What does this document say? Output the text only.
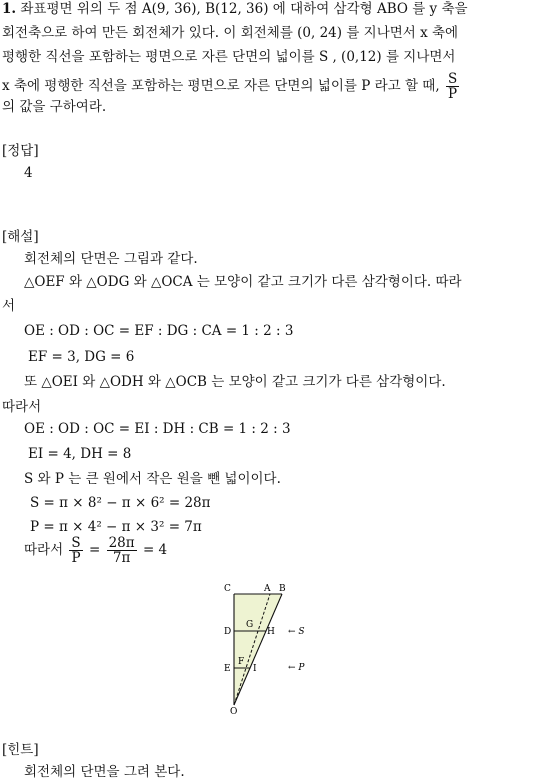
1. 좌표평면 위의 두 점 A(9, 36), B(12, 36) 에 대하여 삼각형 ABO 를 y 축을
회전축으로 하여 만든 회전체가 있다. 이 회전체를 (0, 24) 를 지나면서 x 축에
평행한 직선을 포함하는 평면으로 자른 단면의 넓이를 S , (0,12) 를 지나면서
x 축에 평행한 직선을 포함하는 평면으로 자른 단면의 넓이를 P 라고 할 때, $\frac{S}{P}$
의 값을 구하여라.
[정답]
4
[해설]
회전체의 단면은 그림과 같다.
△OEF 와 △ODG 와 △OCA 는 모양이 같고 크기가 다른 삼각형이다. 따라
서
OE : OD : OC = EF : DG : CA = 1 : 2 : 3
EF = 3, DG = 6
또 △OEI 와 △ODH 와 △OCB 는 모양이 같고 크기가 다른 삼각형이다.
따라서
OE : OD : OC = EI : DH : CB = 1 : 2 : 3
EI = 4, DH = 8
S 와 P 는 큰 원에서 작은 원을 뺀 넓이이다.
S = π × 8² − π × 6² = 28π
P = π × 4² − π × 3² = 7π
따라서 $\frac{S}{P} = \frac{28\pi}{7\pi} = 4$
C	A B
D
G
H
E
F
I
O
← S
← P
[힌트]
회전체의 단면을 그려 본다.
